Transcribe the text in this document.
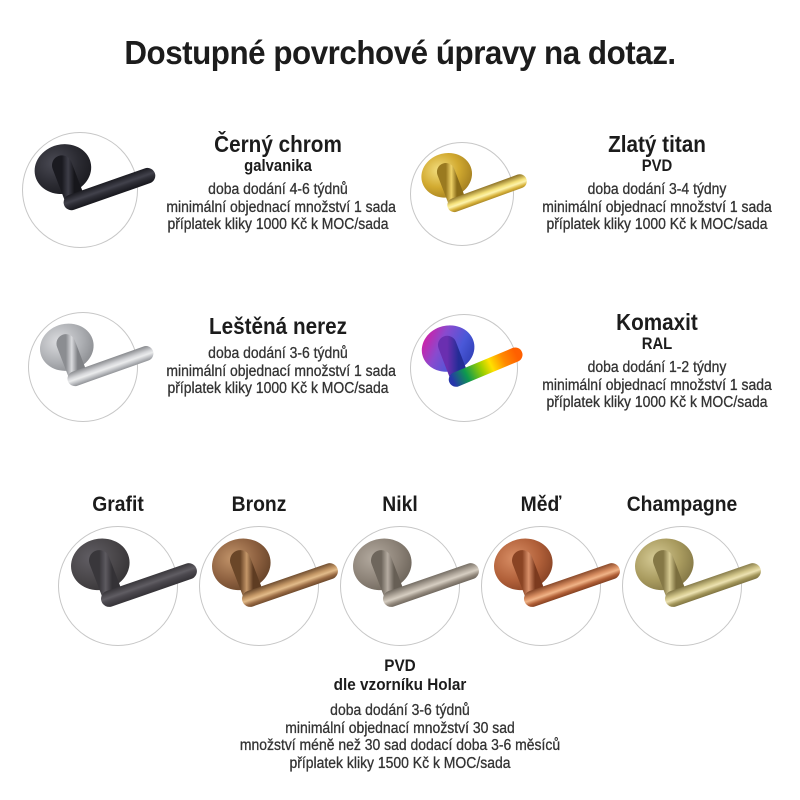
Dostupné povrchové úpravy na dotaz.
Černý chrom
galvanika
doba dodání 4-6 týdnů
minimální objednací množství 1 sada
příplatek kliky 1000 Kč k MOC/sada
Zlatý titan
PVD
doba dodání 3-4 týdny
minimální objednací množství 1 sada
příplatek kliky 1000 Kč k MOC/sada
Leštěná nerez
doba dodání 3-6 týdnů
minimální objednací množství 1 sada
příplatek kliky 1000 Kč k MOC/sada
Komaxit
RAL
doba dodání 1-2 týdny
minimální objednací množství 1 sada
příplatek kliky 1000 Kč k MOC/sada
Grafit	Bronz	Nikl	Měď	Champagne
PVD
dle vzorníku Holar
doba dodání 3-6 týdnů
minimální objednací množství 30 sad
množství méně než 30 sad dodací doba 3-6 měsíců
příplatek kliky 1500 Kč k MOC/sada
